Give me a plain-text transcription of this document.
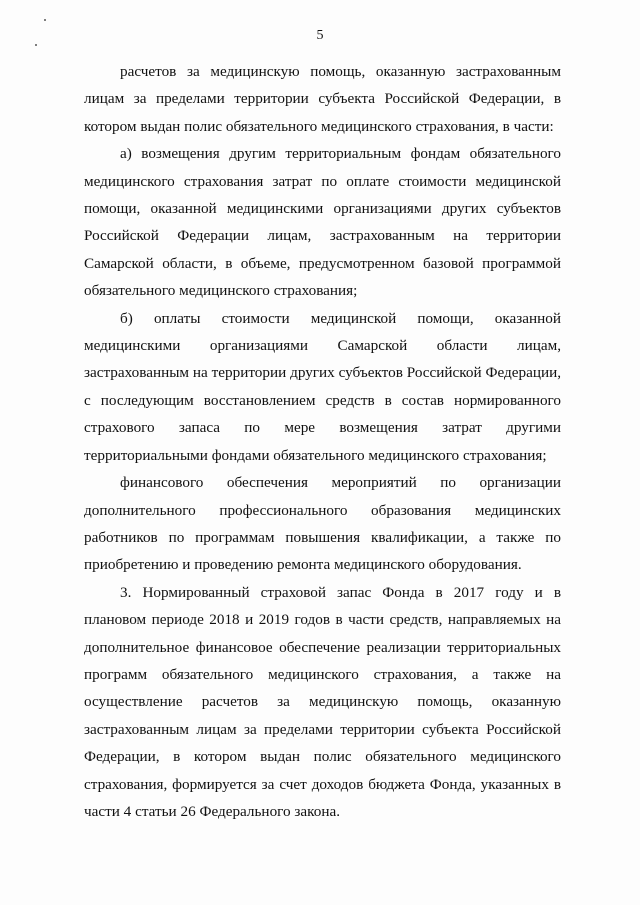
5

расчетов за медицинскую помощь, оказанную застрахованным лицам за пределами территории субъекта Российской Федерации, в котором выдан полис обязательного медицинского страхования, в части:

а) возмещения другим территориальным фондам обязательного медицинского страхования затрат по оплате стоимости медицинской помощи, оказанной медицинскими организациями других субъектов Российской Федерации лицам, застрахованным на территории Самарской области, в объеме, предусмотренном базовой программой обязательного медицинского страхования;

б) оплаты стоимости медицинской помощи, оказанной медицинскими организациями Самарской области лицам, застрахованным на территории других субъектов Российской Федерации, с последующим восстановлением средств в состав нормированного страхового запаса по мере возмещения затрат другими территориальными фондами обязательного медицинского страхования;

финансового обеспечения мероприятий по организации дополнительного профессионального образования медицинских работников по программам повышения квалификации, а также по приобретению и проведению ремонта медицинского оборудования.

3. Нормированный страховой запас Фонда в 2017 году и в плановом периоде 2018 и 2019 годов в части средств, направляемых на дополнительное финансовое обеспечение реализации территориальных программ обязательного медицинского страхования, а также на осуществление расчетов за медицинскую помощь, оказанную застрахованным лицам за пределами территории субъекта Российской Федерации, в котором выдан полис обязательного медицинского страхования, формируется за счет доходов бюджета Фонда, указанных в части 4 статьи 26 Федерального закона.
